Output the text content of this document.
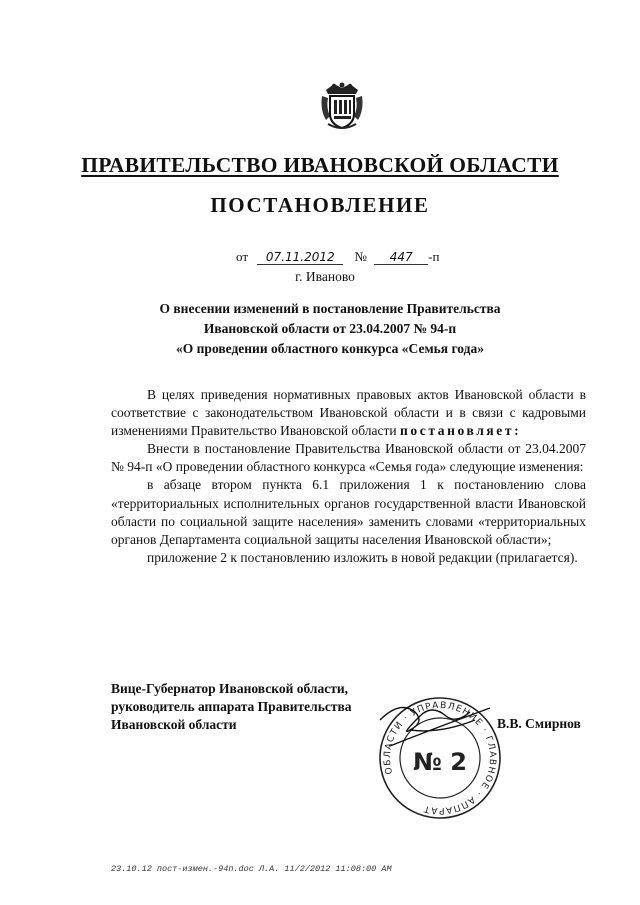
ПРАВИТЕЛЬСТВО ИВАНОВСКОЙ ОБЛАСТИ
ПОСТАНОВЛЕНИЕ
от 07.11.2012 № 447 -п
г. Иваново
О внесении изменений в постановление Правительства
Ивановской области от 23.04.2007 № 94-п
«О проведении областного конкурса «Семья года»

В целях приведения нормативных правовых актов Ивановской области в соответствие с законодательством Ивановской области и в связи с кадровыми изменениями Правительство Ивановской области постановляет:

Внести в постановление Правительства Ивановской области от 23.04.2007 № 94-п «О проведении областного конкурса «Семья года» следующие изменения:

в абзаце втором пункта 6.1 приложения 1 к постановлению слова «территориальных исполнительных органов государственной власти Ивановской области по социальной защите населения» заменить словами «территориальных органов Департамента социальной защиты населения Ивановской области»;

приложение 2 к постановлению изложить в новой редакции (прилагается).

Вице-Губернатор Ивановской области,
руководитель аппарата Правительства
Ивановской области
ОБЛАСТИ · УПРАВЛЕНИЕ · ГЛАВНОЕ · АППАРАТ
№ 2
В.В. Смирнов
23.10.12 пост-измен.-94п.doc Л.А. 11/2/2012 11:08:00 AM
